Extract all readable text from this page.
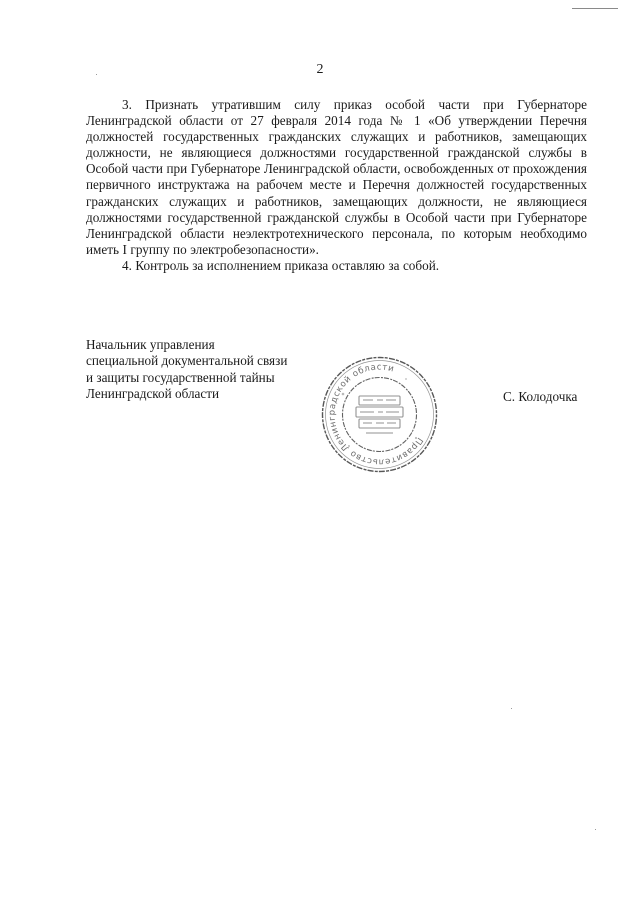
2

3. Признать утратившим силу приказ особой части при Губернаторе Ленинградской области от 27 февраля 2014 года № 1 «Об утверждении Перечня должностей государственных гражданских служащих и работников, замещающих должности, не являющиеся должностями государственной гражданской службы в Особой части при Губернаторе Ленинградской области, освобожденных от прохождения первичного инструктажа на рабочем месте и Перечня должностей государственных гражданских служащих и работников, замещающих должности, не являющиеся должностями государственной гражданской службы в Особой части при Губернаторе Ленинградской области неэлектротехнического персонала, по которым необходимо иметь I группу по электробезопасности».

4. Контроль за исполнением приказа оставляю за собой.

Начальник управления
специальной документальной связи
и защиты государственной тайны
Ленинградской области
Правительство Ленинградской области
С. Колодочка
